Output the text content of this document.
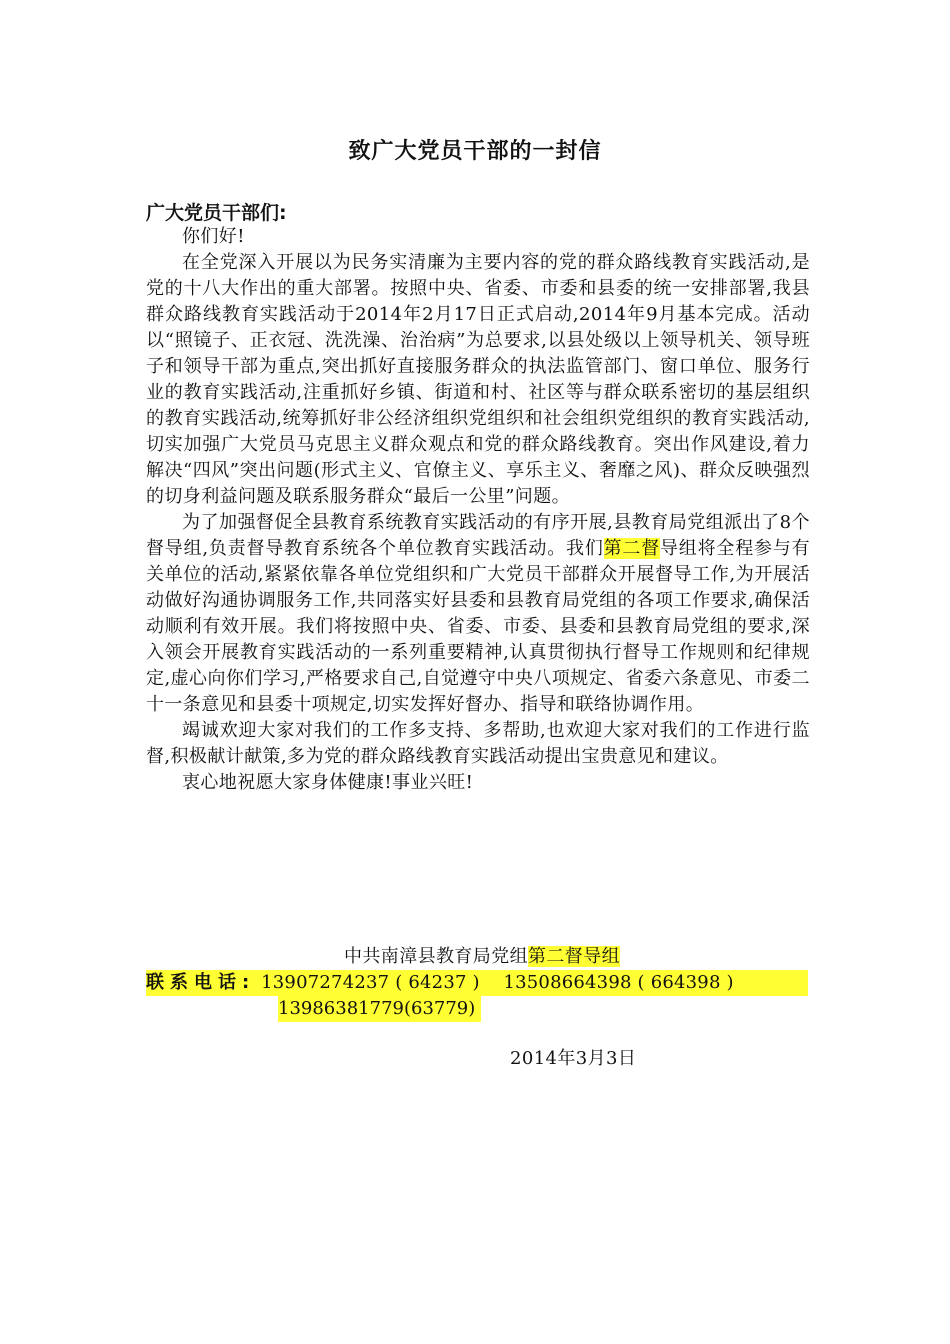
致广大党员干部的一封信
广大党员干部们:

你们好!

在全党深入开展以为民务实清廉为主要内容的党的群众路线教育实践活动,是党的十八大作出的重大部署。按照中央、省委、市委和县委的统一安排部署,我县群众路线教育实践活动于2014年2月17日正式启动,2014年9月基本完成。活动以“照镜子、正衣冠、洗洗澡、治治病”为总要求,以县处级以上领导机关、领导班子和领导干部为重点,突出抓好直接服务群众的执法监管部门、窗口单位、服务行业的教育实践活动,注重抓好乡镇、街道和村、社区等与群众联系密切的基层组织的教育实践活动,统筹抓好非公经济组织党组织和社会组织党组织的教育实践活动,切实加强广大党员马克思主义群众观点和党的群众路线教育。突出作风建设,着力解决“四风”突出问题(形式主义、官僚主义、享乐主义、奢靡之风)、群众反映强烈的切身利益问题及联系服务群众“最后一公里”问题。

为了加强督促全县教育系统教育实践活动的有序开展,县教育局党组派出了8个督导组,负责督导教育系统各个单位教育实践活动。我们第二督导组将全程参与有关单位的活动,紧紧依靠各单位党组织和广大党员干部群众开展督导工作,为开展活动做好沟通协调服务工作,共同落实好县委和县教育局党组的各项工作要求,确保活动顺利有效开展。我们将按照中央、省委、市委、县委和县教育局党组的要求,深入领会开展教育实践活动的一系列重要精神,认真贯彻执行督导工作规则和纪律规定,虚心向你们学习,严格要求自己,自觉遵守中央八项规定、省委六条意见、市委二十一条意见和县委十项规定,切实发挥好督办、指导和联络协调作用。

竭诚欢迎大家对我们的工作多支持、多帮助,也欢迎大家对我们的工作进行监督,积极献计献策,多为党的群众路线教育实践活动提出宝贵意见和建议。

衷心地祝愿大家身体健康!事业兴旺!

中共南漳县教育局党组第二督导组
联系电话: 13907274237 ( 64237 )    13508664398 ( 664398 )
13986381779(63779)
2014年3月3日
